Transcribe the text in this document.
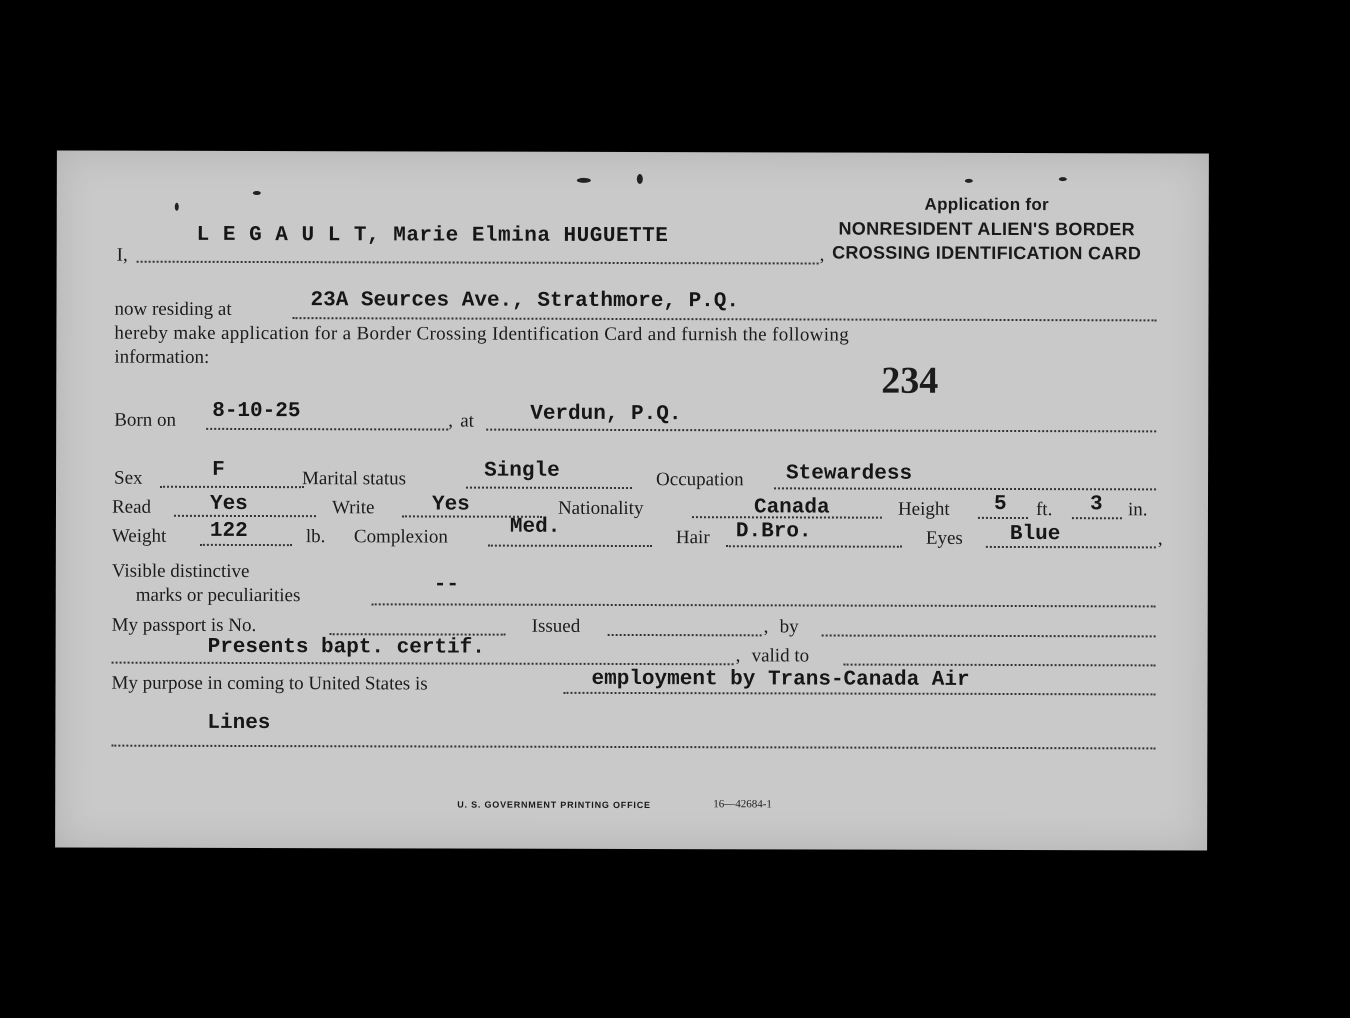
Application for
NONRESIDENT ALIEN'S BORDER
CROSSING IDENTIFICATION CARD
I,	,
L E G A U L T, Marie Elmina HUGUETTE
now residing at	23A Seurces Ave., Strathmore, P.Q.
hereby make application for a Border Crossing Identification Card and furnish the following
information:
234
Born on 8-10-25	, at	Verdun, P.Q.
Sex	F	Marital status	Single	Occupation Stewardess
Read	Yes	Write	Yes	Nationality	Canada	Height 5 ft. 3 in.
Weight 122	lb. Complexion	Med.	Hair D.Bro.	Eyes Blue	,
Visible distinctive
marks or peculiarities	--
My passport is No.	Issued	, by
Presents bapt. certif.	, valid to
My purpose in coming to United States is	employment by Trans-Canada Air
Lines
U. S. GOVERNMENT PRINTING OFFICE	16—42684-1
